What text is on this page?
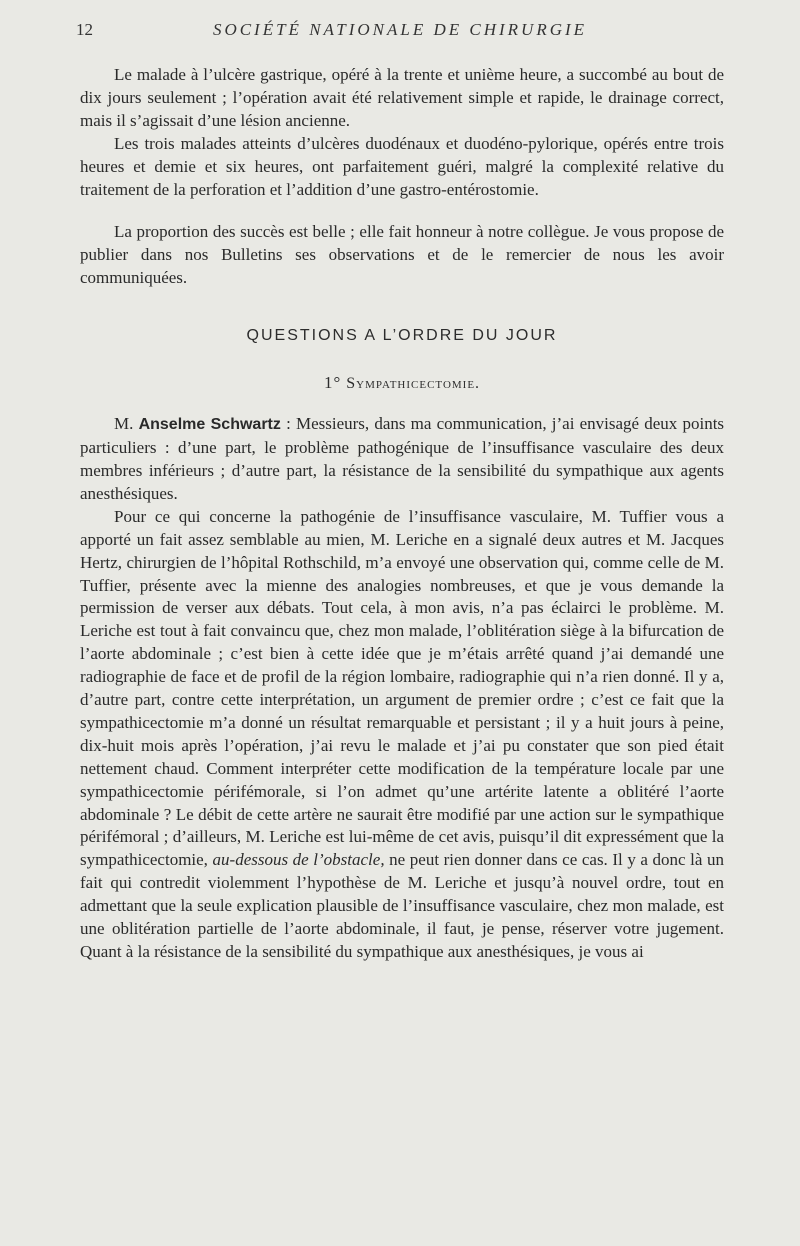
12	SOCIÉTÉ NATIONALE DE CHIRURGIE

Le malade à l’ulcère gastrique, opéré à la trente et unième heure, a succombé au bout de dix jours seulement ; l’opération avait été relativement simple et rapide, le drainage correct, mais il s’agissait d’une lésion ancienne.

Les trois malades atteints d’ulcères duodénaux et duodéno-pylorique, opérés entre trois heures et demie et six heures, ont parfaitement guéri, malgré la complexité relative du traitement de la perforation et l’addition d’une gastro-entérostomie.

La proportion des succès est belle ; elle fait honneur à notre collègue. Je vous propose de publier dans nos Bulletins ses observations et de le remercier de nous les avoir communiquées.

QUESTIONS A L’ORDRE DU JOUR
1° Sympathicectomie.

M. Anselme Schwartz : Messieurs, dans ma communication, j’ai envisagé deux points particuliers : d’une part, le problème pathogénique de l’insuffisance vasculaire des deux membres inférieurs ; d’autre part, la résistance de la sensibilité du sympathique aux agents anesthésiques.

Pour ce qui concerne la pathogénie de l’insuffisance vasculaire, M. Tuffier vous a apporté un fait assez semblable au mien, M. Leriche en a signalé deux autres et M. Jacques Hertz, chirurgien de l’hôpital Rothschild, m’a envoyé une observation qui, comme celle de M. Tuffier, présente avec la mienne des analogies nombreuses, et que je vous demande la permission de verser aux débats. Tout cela, à mon avis, n’a pas éclairci le problème. M. Leriche est tout à fait convaincu que, chez mon malade, l’oblitération siège à la bifurcation de l’aorte abdominale ; c’est bien à cette idée que je m’étais arrêté quand j’ai demandé une radiographie de face et de profil de la région lombaire, radiographie qui n’a rien donné. Il y a, d’autre part, contre cette interprétation, un argument de premier ordre ; c’est ce fait que la sympathicectomie m’a donné un résultat remarquable et persistant ; il y a huit jours à peine, dix-huit mois après l’opération, j’ai revu le malade et j’ai pu constater que son pied était nettement chaud. Comment interpréter cette modification de la température locale par une sympathicectomie périfémorale, si l’on admet qu’une artérite latente a oblitéré l’aorte abdominale ? Le débit de cette artère ne saurait être modifié par une action sur le sympathique périfémoral ; d’ailleurs, M. Leriche est lui-même de cet avis, puisqu’il dit expressément que la sympathicectomie, au-dessous de l’obstacle, ne peut rien donner dans ce cas. Il y a donc là un fait qui contredit violemment l’hypothèse de M. Leriche et jusqu’à nouvel ordre, tout en admettant que la seule explication plausible de l’insuffisance vasculaire, chez mon malade, est une oblitération partielle de l’aorte abdominale, il faut, je pense, réserver votre jugement. Quant à la résistance de la sensibilité du sympathique aux anesthésiques, je vous ai
